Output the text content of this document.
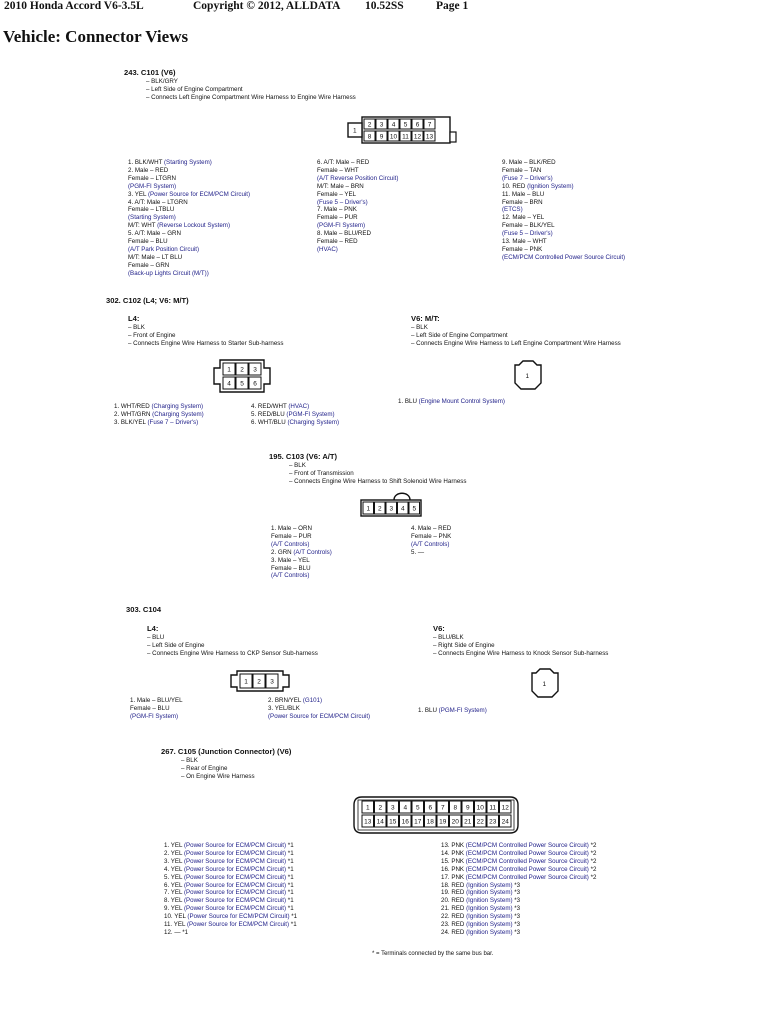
2010 Honda Accord V6-3.5L	Copyright © 2012, ALLDATA 10.52SS	Page 1
Vehicle: Connector Views
243. C101 (V6)
– BLK/GRY
– Left Side of Engine Compartment
– Connects Left Engine Compartment Wire Harness to Engine Wire Harness
2 3 4 5 6 7
8 9 10 11 12 13
1
1. BLK/WHT (Starting System)
2. Male – RED
Female – LTGRN
(PGM-FI System)
3. YEL (Power Source for ECM/PCM Circuit)
4. A/T: Male – LTGRN
Female – LTBLU
(Starting System)
M/T: WHT (Reverse Lockout System)
5. A/T: Male – GRN
Female – BLU
(A/T Park Position Circuit)
M/T: Male – LT BLU
Female – GRN
(Back-up Lights Circuit (M/T))
6. A/T: Male – RED
Female – WHT
(A/T Reverse Position Circuit)
M/T: Male – BRN
Female – YEL
(Fuse 5 – Driver's)
7. Male – PNK
Female – PUR
(PGM-FI System)
8. Male – BLU/RED
Female – RED
(HVAC)
9. Male – BLK/RED
Female – TAN
(Fuse 7 – Driver's)
10. RED (Ignition System)
11. Male – BLU
Female – BRN
(ETCS)
12. Male – YEL
Female – BLK/YEL
(Fuse 5 – Driver's)
13. Male – WHT
Female – PNK
(ECM/PCM Controlled Power Source Circuit)
302. C102 (L4; V6: M/T)
L4:
– BLK
– Front of Engine
– Connects Engine Wire Harness to Starter Sub-harness
1 2 3
4 5 6
1. WHT/RED (Charging System)
2. WHT/GRN (Charging System)
3. BLK/YEL (Fuse 7 – Driver's)
4. RED/WHT (HVAC)
5. RED/BLU (PGM-FI System)
6. WHT/BLU (Charging System)
V6: M/T:
– BLK
– Left Side of Engine Compartment
– Connects Engine Wire Harness to Left Engine Compartment Wire Harness
1
1. BLU (Engine Mount Control System)
195. C103 (V6: A/T)
– BLK
– Front of Transmission
– Connects Engine Wire Harness to Shift Solenoid Wire Harness
1 2 3 4 5
1. Male – ORN
Female – PUR
(A/T Controls)
2. GRN (A/T Controls)
3. Male – YEL
Female – BLU
(A/T Controls)
4. Male – RED
Female – PNK
(A/T Controls)
5. —
303. C104
L4:
– BLU
– Left Side of Engine
– Connects Engine Wire Harness to CKP Sensor Sub-harness
1 2 3
1. Male – BLU/YEL
Female – BLU
(PGM-FI System)
2. BRN/YEL (G101)
3. YEL/BLK
(Power Source for ECM/PCM Circuit)
V6:
– BLU/BLK
– Right Side of Engine
– Connects Engine Wire Harness to Knock Sensor Sub-harness
1
1. BLU (PGM-FI System)
267. C105 (Junction Connector) (V6)
– BLK
– Rear of Engine
– On Engine Wire Harness
1 2 3 4 5 6 7 8 9 10 11 12
13 14 15 16 17 18 19 20 21 22 23 24
1. YEL (Power Source for ECM/PCM Circuit) *1
2. YEL (Power Source for ECM/PCM Circuit) *1
3. YEL (Power Source for ECM/PCM Circuit) *1
4. YEL (Power Source for ECM/PCM Circuit) *1
5. YEL (Power Source for ECM/PCM Circuit) *1
6. YEL (Power Source for ECM/PCM Circuit) *1
7. YEL (Power Source for ECM/PCM Circuit) *1
8. YEL (Power Source for ECM/PCM Circuit) *1
9. YEL (Power Source for ECM/PCM Circuit) *1
10. YEL (Power Source for ECM/PCM Circuit) *1
11. YEL (Power Source for ECM/PCM Circuit) *1
12. — *1
13. PNK (ECM/PCM Controlled Power Source Circuit) *2
14. PNK (ECM/PCM Controlled Power Source Circuit) *2
15. PNK (ECM/PCM Controlled Power Source Circuit) *2
16. PNK (ECM/PCM Controlled Power Source Circuit) *2
17. PNK (ECM/PCM Controlled Power Source Circuit) *2
18. RED (Ignition System) *3
19. RED (Ignition System) *3
20. RED (Ignition System) *3
21. RED (Ignition System) *3
22. RED (Ignition System) *3
23. RED (Ignition System) *3
24. RED (Ignition System) *3
* = Terminals connected by the same bus bar.
